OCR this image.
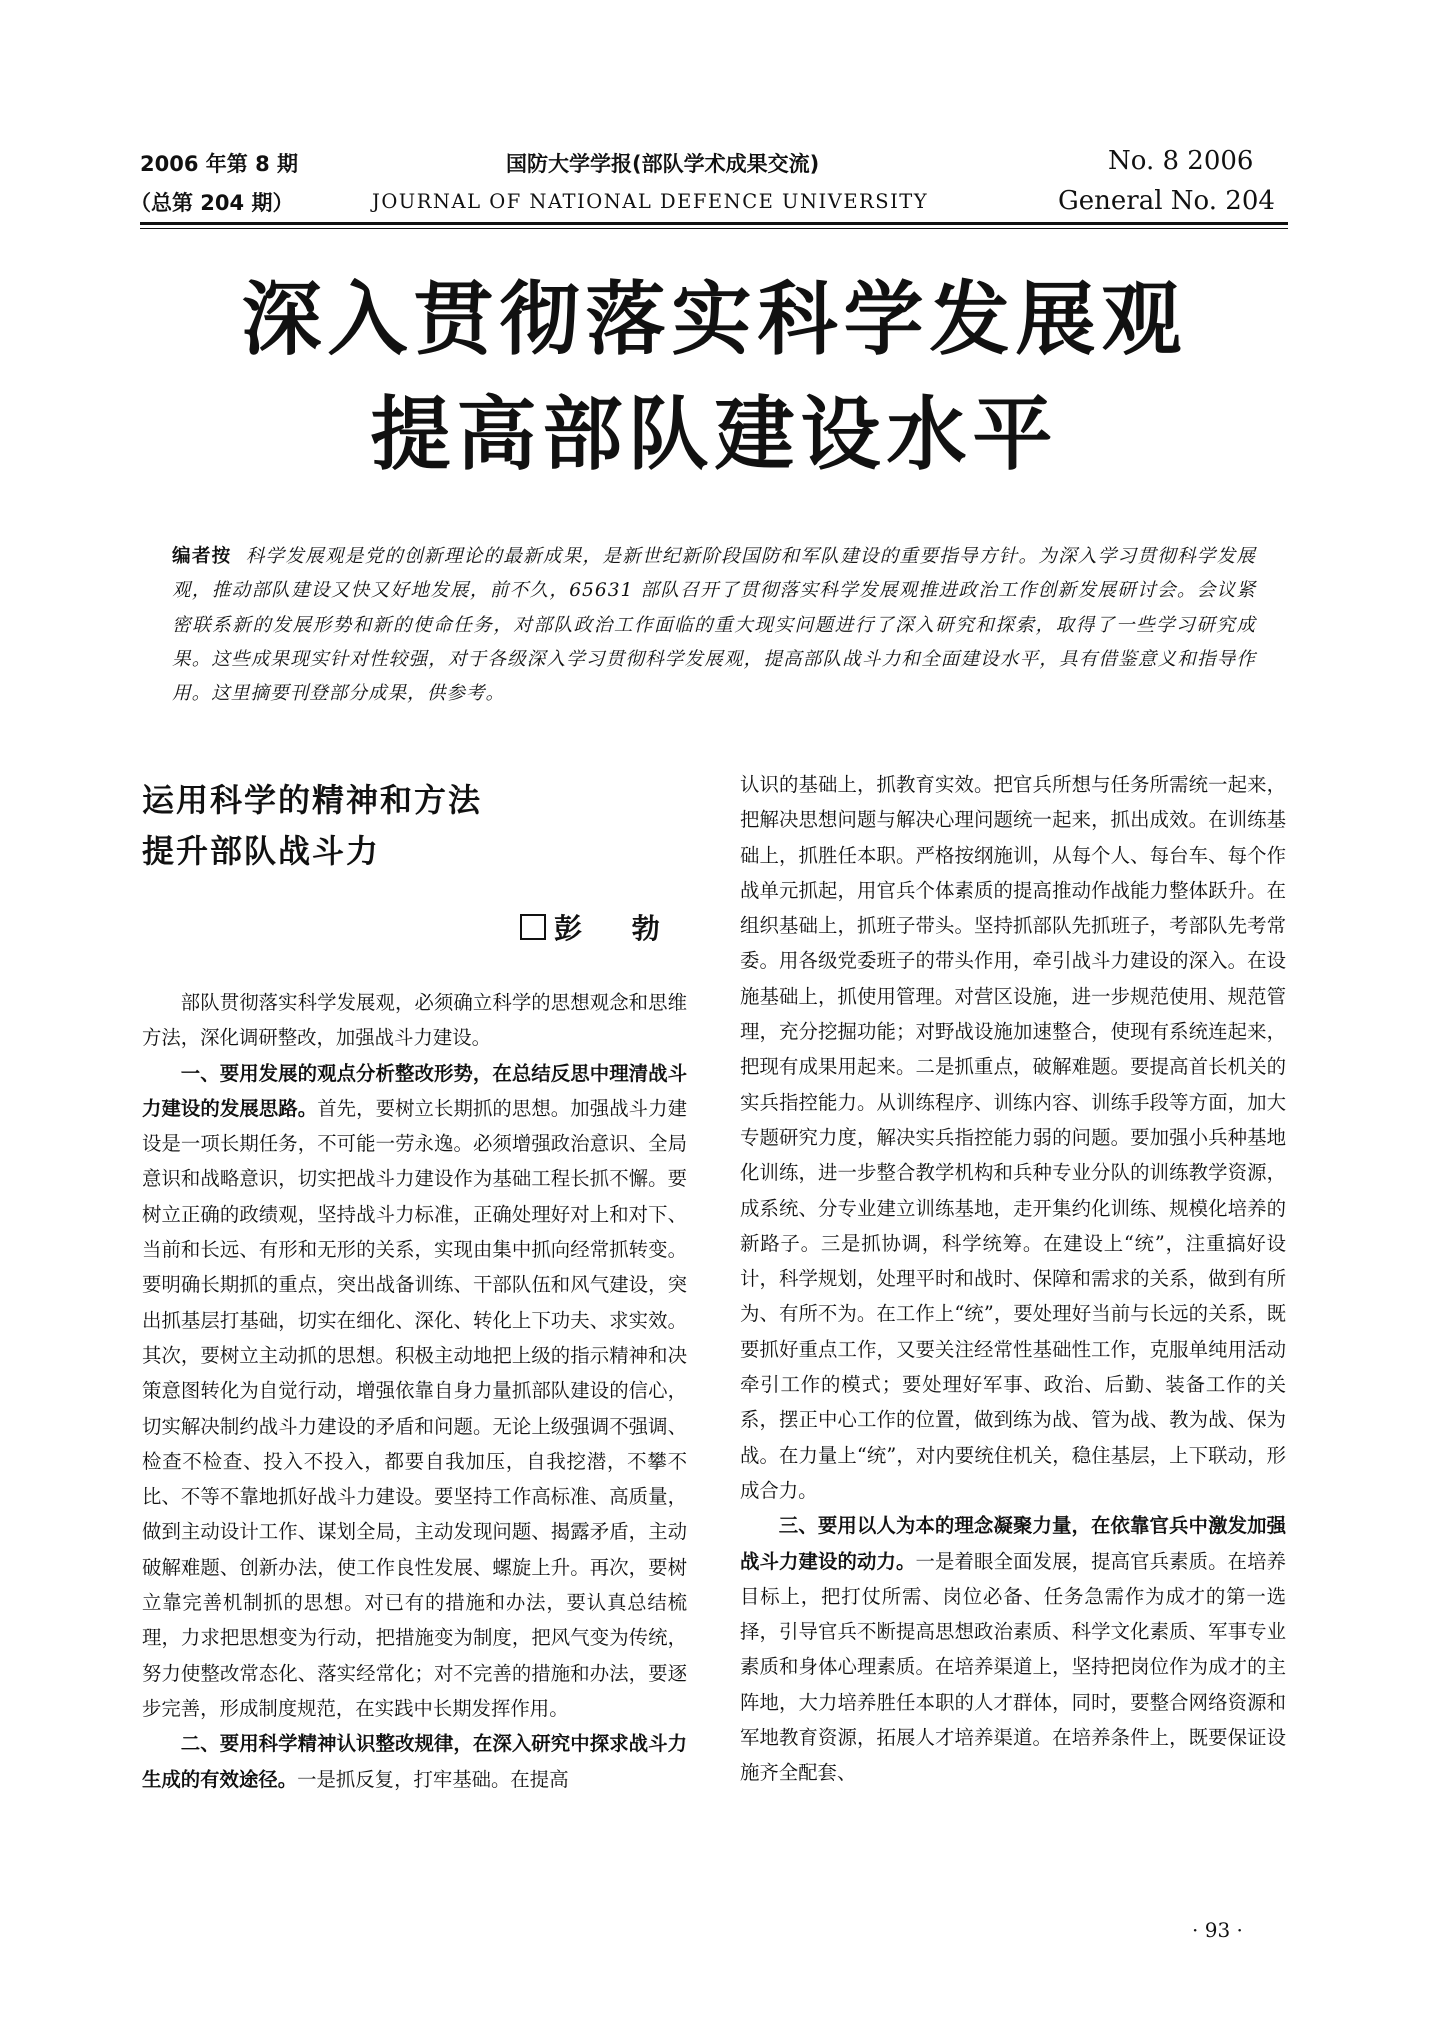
2006 年第 8 期
（总第 204 期）
国防大学学报(部队学术成果交流)
JOURNAL OF NATIONAL DEFENCE UNIVERSITY
No. 8 2006
General No. 204
深入贯彻落实科学发展观
提高部队建设水平
编者按 科学发展观是党的创新理论的最新成果，是新世纪新阶段国防和军队建设的重要指导方针。为深入学习贯彻科学发展观，推动部队建设又快又好地发展，前不久，65631 部队召开了贯彻落实科学发展观推进政治工作创新发展研讨会。会议紧密联系新的发展形势和新的使命任务，对部队政治工作面临的重大现实问题进行了深入研究和探索，取得了一些学习研究成果。这些成果现实针对性较强，对于各级深入学习贯彻科学发展观，提高部队战斗力和全面建设水平，具有借鉴意义和指导作用。这里摘要刊登部分成果，供参考。
运用科学的精神和方法
提升部队战斗力
彭 勃

部队贯彻落实科学发展观，必须确立科学的思想观念和思维方法，深化调研整改，加强战斗力建设。

一、要用发展的观点分析整改形势，在总结反思中理清战斗力建设的发展思路。首先，要树立长期抓的思想。加强战斗力建设是一项长期任务，不可能一劳永逸。必须增强政治意识、全局意识和战略意识，切实把战斗力建设作为基础工程长抓不懈。要树立正确的政绩观，坚持战斗力标准，正确处理好对上和对下、当前和长远、有形和无形的关系，实现由集中抓向经常抓转变。要明确长期抓的重点，突出战备训练、干部队伍和风气建设，突出抓基层打基础，切实在细化、深化、转化上下功夫、求实效。其次，要树立主动抓的思想。积极主动地把上级的指示精神和决策意图转化为自觉行动，增强依靠自身力量抓部队建设的信心，切实解决制约战斗力建设的矛盾和问题。无论上级强调不强调、检查不检查、投入不投入，都要自我加压，自我挖潜，不攀不比、不等不靠地抓好战斗力建设。要坚持工作高标准、高质量，做到主动设计工作、谋划全局，主动发现问题、揭露矛盾，主动破解难题、创新办法，使工作良性发展、螺旋上升。再次，要树立靠完善机制抓的思想。对已有的措施和办法，要认真总结梳理，力求把思想变为行动，把措施变为制度，把风气变为传统，努力使整改常态化、落实经常化；对不完善的措施和办法，要逐步完善，形成制度规范，在实践中长期发挥作用。

二、要用科学精神认识整改规律，在深入研究中探求战斗力生成的有效途径。一是抓反复，打牢基础。在提高

认识的基础上，抓教育实效。把官兵所想与任务所需统一起来，把解决思想问题与解决心理问题统一起来，抓出成效。在训练基础上，抓胜任本职。严格按纲施训，从每个人、每台车、每个作战单元抓起，用官兵个体素质的提高推动作战能力整体跃升。在组织基础上，抓班子带头。坚持抓部队先抓班子，考部队先考常委。用各级党委班子的带头作用，牵引战斗力建设的深入。在设施基础上，抓使用管理。对营区设施，进一步规范使用、规范管理，充分挖掘功能；对野战设施加速整合，使现有系统连起来，把现有成果用起来。二是抓重点，破解难题。要提高首长机关的实兵指控能力。从训练程序、训练内容、训练手段等方面，加大专题研究力度，解决实兵指控能力弱的问题。要加强小兵种基地化训练，进一步整合教学机构和兵种专业分队的训练教学资源，成系统、分专业建立训练基地，走开集约化训练、规模化培养的新路子。三是抓协调，科学统筹。在建设上“统”，注重搞好设计，科学规划，处理平时和战时、保障和需求的关系，做到有所为、有所不为。在工作上“统”，要处理好当前与长远的关系，既要抓好重点工作，又要关注经常性基础性工作，克服单纯用活动牵引工作的模式；要处理好军事、政治、后勤、装备工作的关系，摆正中心工作的位置，做到练为战、管为战、教为战、保为战。在力量上“统”，对内要统住机关，稳住基层，上下联动，形成合力。

三、要用以人为本的理念凝聚力量，在依靠官兵中激发加强战斗力建设的动力。一是着眼全面发展，提高官兵素质。在培养目标上，把打仗所需、岗位必备、任务急需作为成才的第一选择，引导官兵不断提高思想政治素质、科学文化素质、军事专业素质和身体心理素质。在培养渠道上，坚持把岗位作为成才的主阵地，大力培养胜任本职的人才群体，同时，要整合网络资源和军地教育资源，拓展人才培养渠道。在培养条件上，既要保证设施齐全配套、

· 93 ·
